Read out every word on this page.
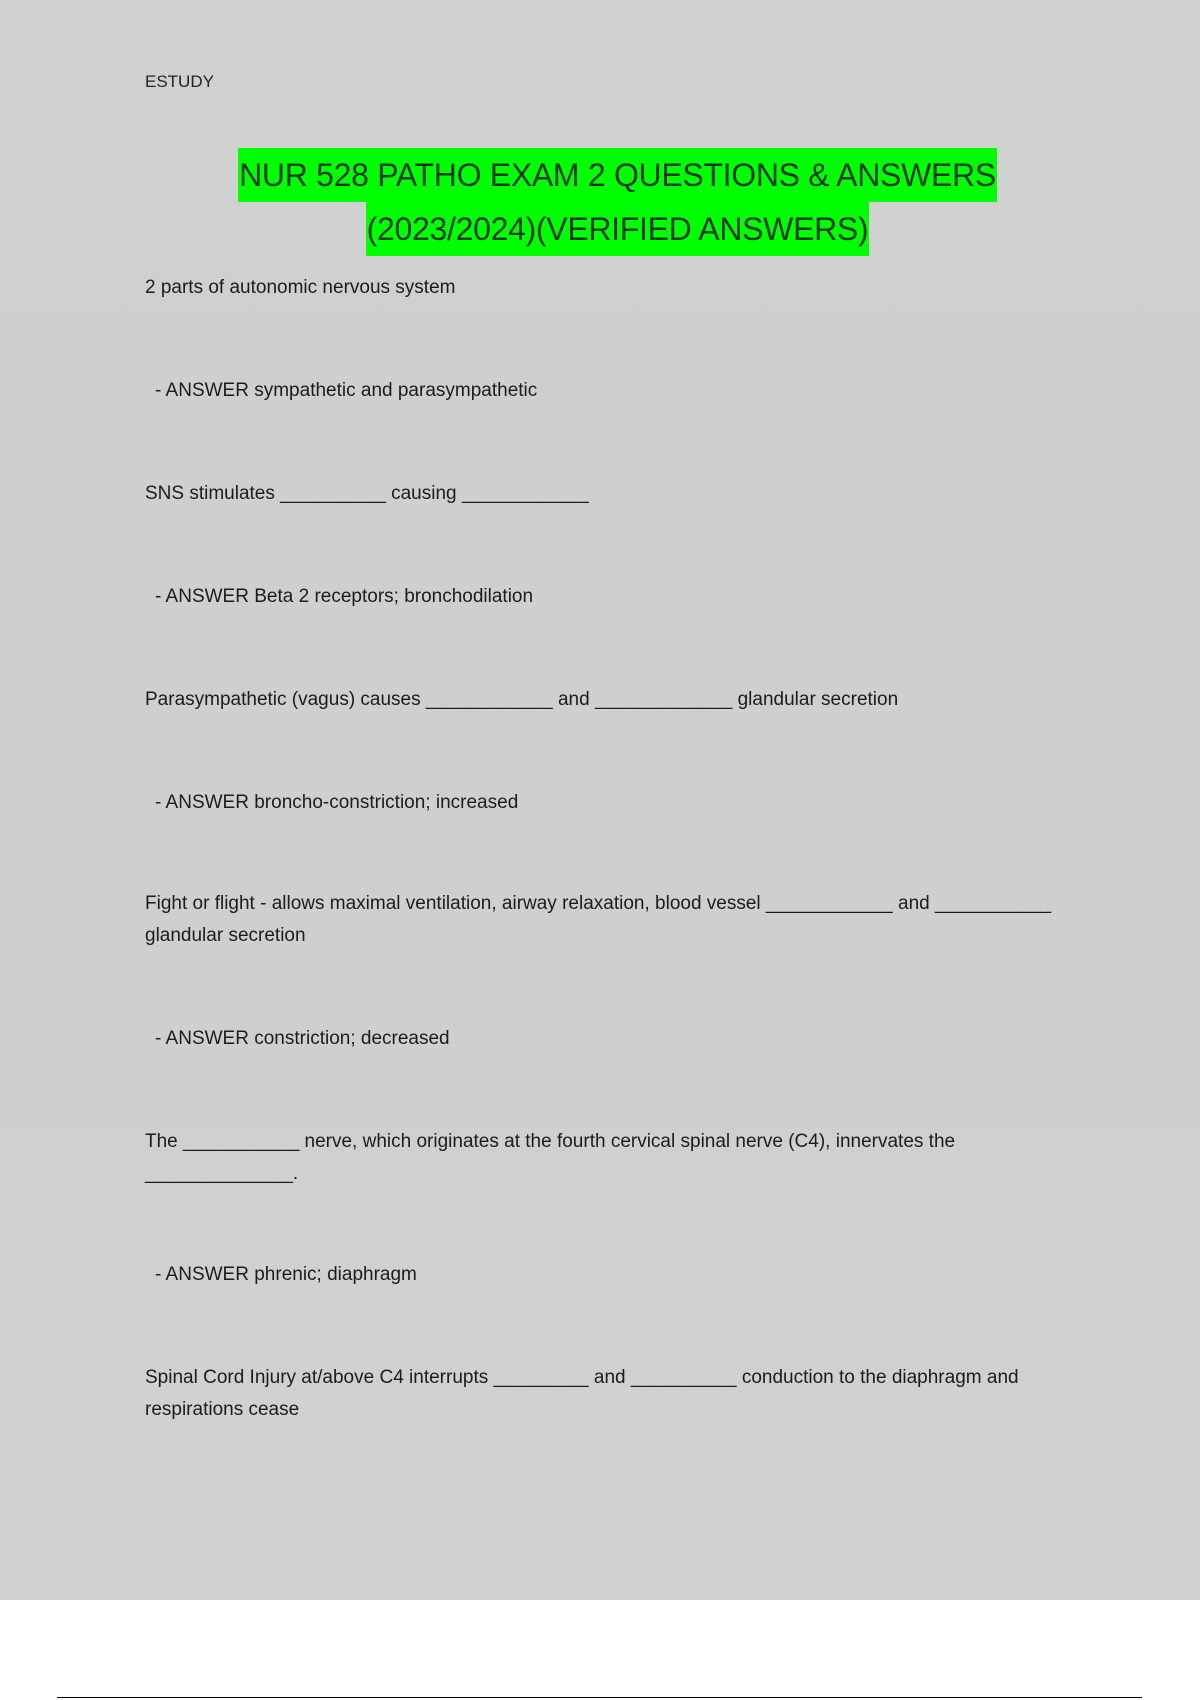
ESTUDY
NUR 528 PATHO EXAM 2 QUESTIONS & ANSWERS
(2023/2024)(VERIFIED ANSWERS)
2 parts of autonomic nervous system
- ANSWER sympathetic and parasympathetic
SNS stimulates __________ causing ____________
- ANSWER Beta 2 receptors; bronchodilation
Parasympathetic (vagus) causes ____________ and _____________ glandular secretion
- ANSWER broncho-constriction; increased
Fight or flight - allows maximal ventilation, airway relaxation, blood vessel ____________ and ___________ glandular secretion
- ANSWER constriction; decreased
The ___________ nerve, which originates at the fourth cervical spinal nerve (C4), innervates the ______________.
- ANSWER phrenic; diaphragm
Spinal Cord Injury at/above C4 interrupts _________ and __________ conduction to the diaphragm and respirations cease
